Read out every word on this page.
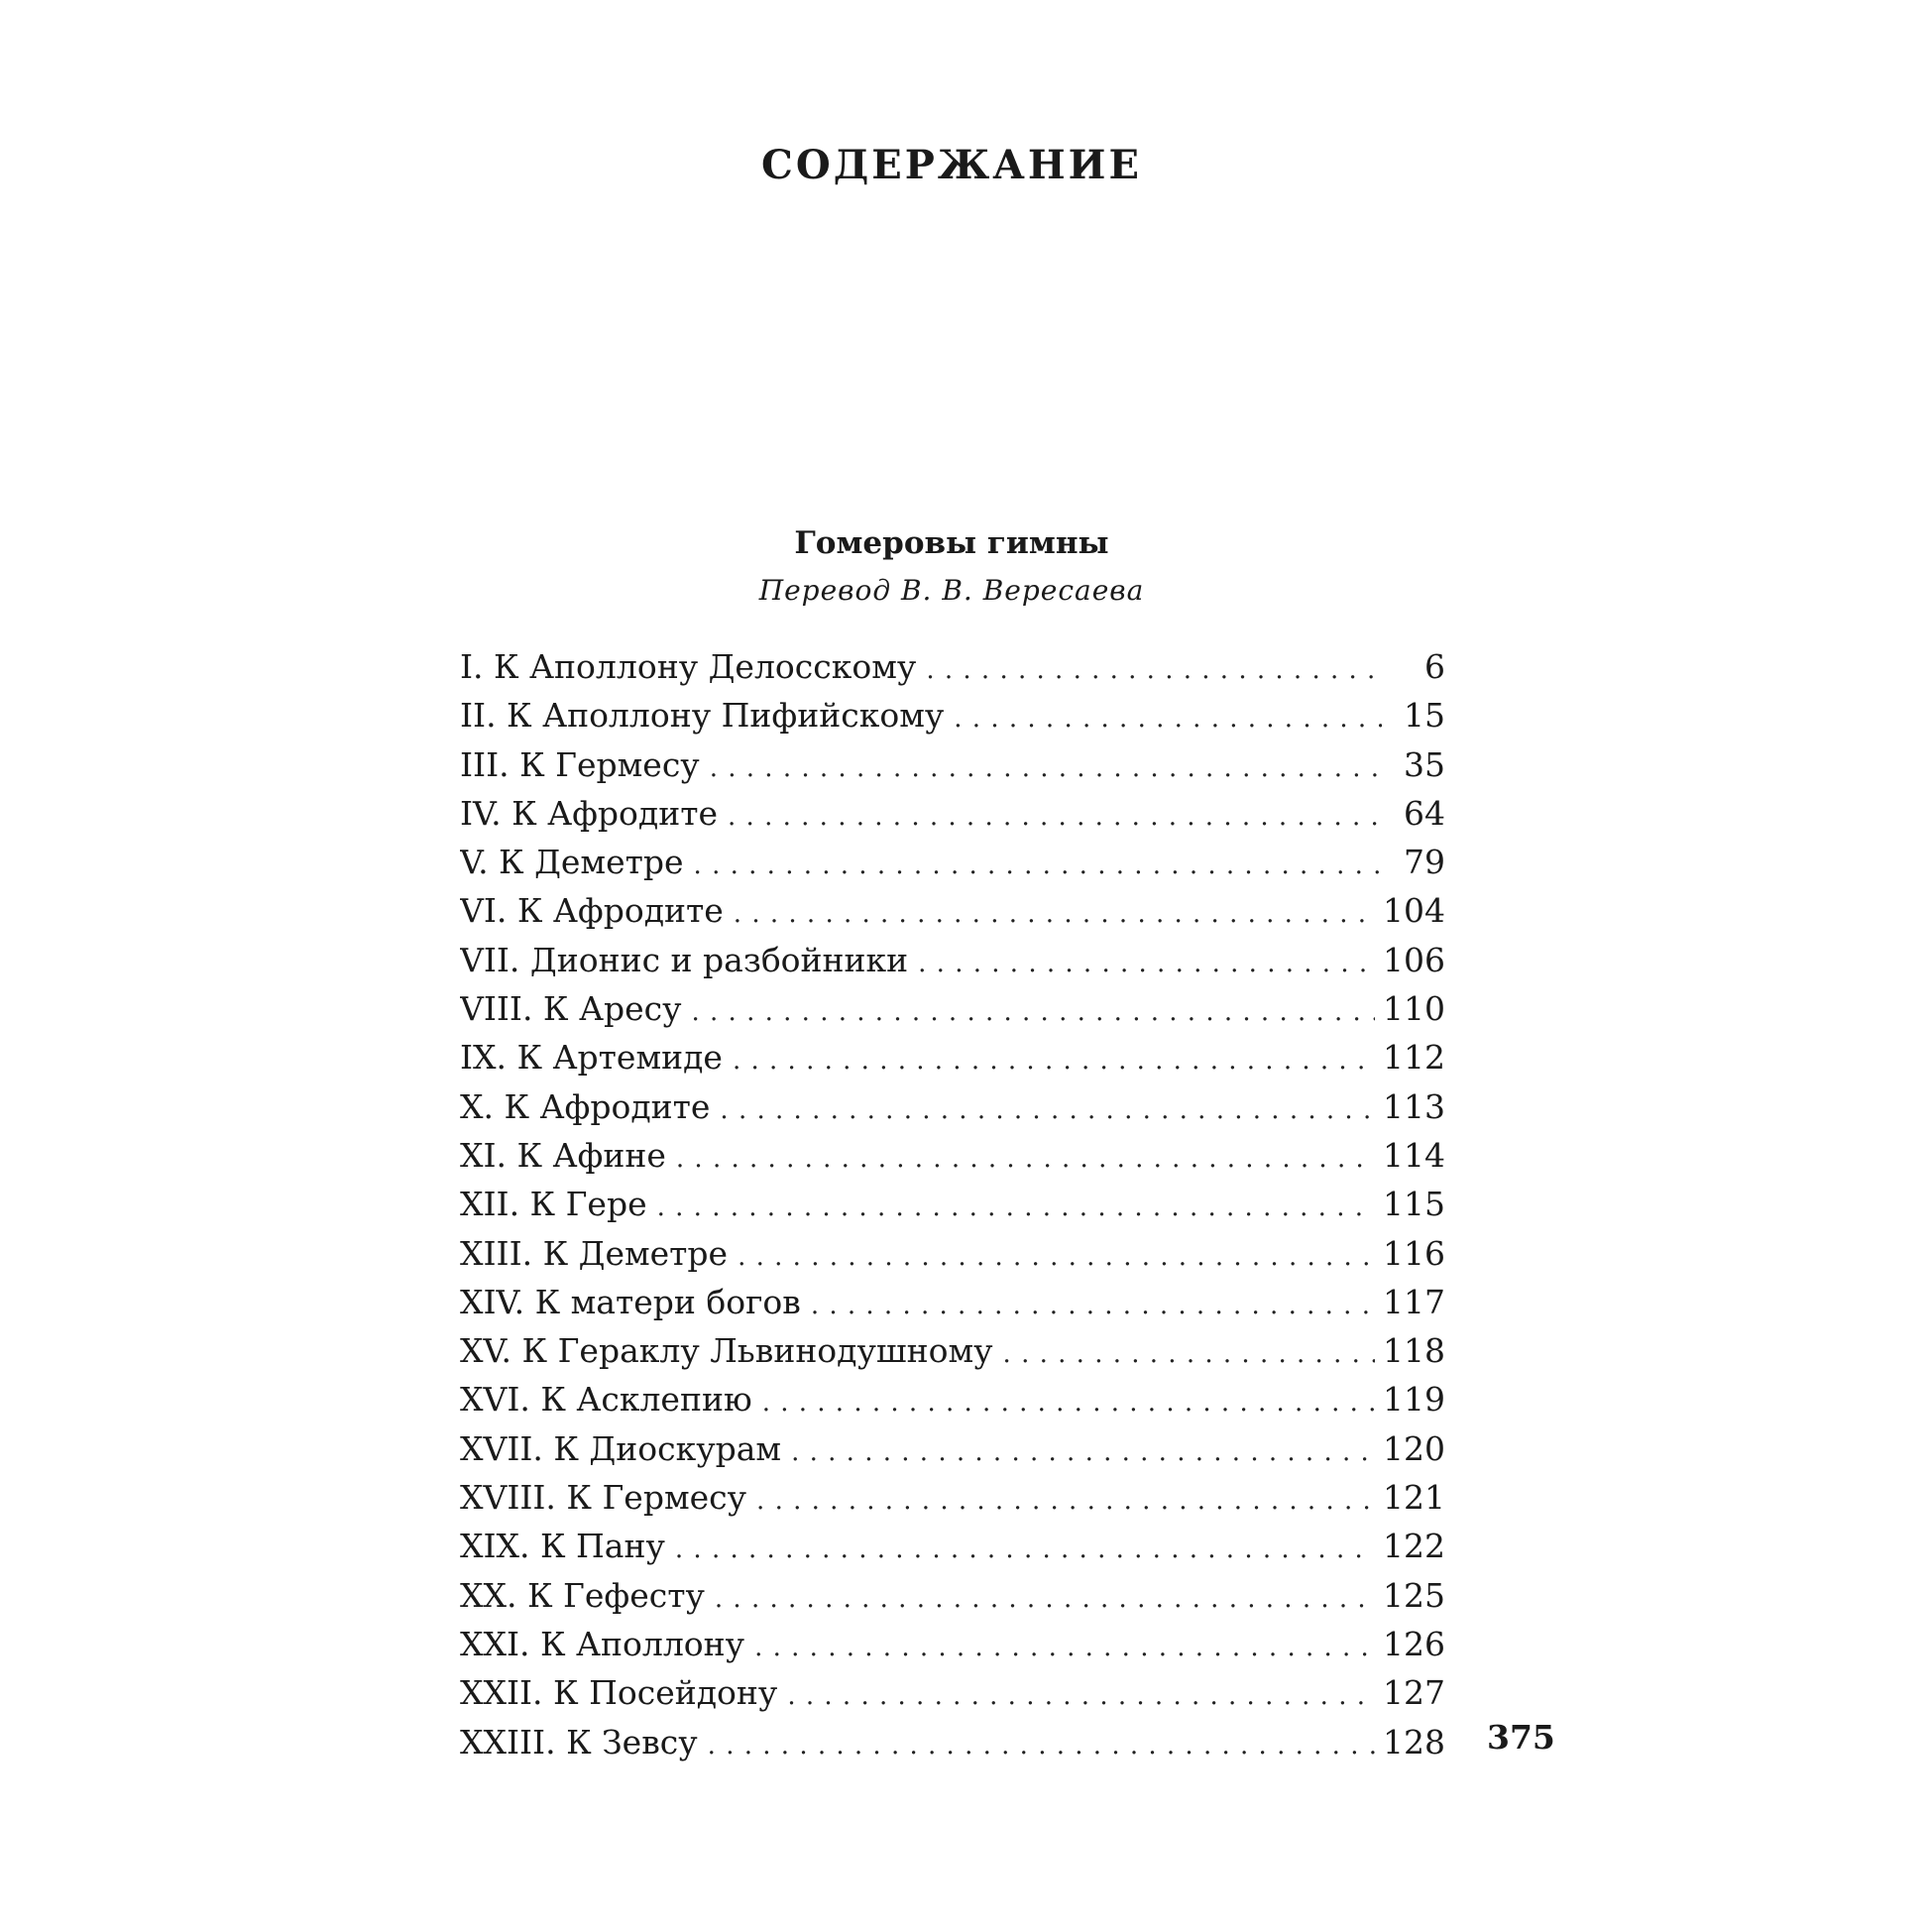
СОДЕРЖАНИЕ
Гомеровы гимны
Перевод В. В. Вересаева
I. К Аполлону Делосскому . . .	6
II. К Аполлону Пифийскому . . .	15
III. К Гермесу . . .	35
IV. К Афродите . . .	64
V. К Деметре . . .	79
VI. К Афродите . . .	104
VII. Дионис и разбойники . . .	106
VIII. К Аресу . . .	110
IX. К Артемиде . . .	112
X. К Афродите . . .	113
XI. К Афине . . .	114
XII. К Гере . . .	115
XIII. К Деметре . . .	116
XIV. К матери богов . . .	117
XV. К Гераклу Львинодушному . . .	118
XVI. К Асклепию . . .	119
XVII. К Диоскурам . . .	120
XVIII. К Гермесу . . .	121
XIX. К Пану . . .	122
XX. К Гефесту . . .	125
XXI. К Аполлону . . .	126
XXII. К Посейдону . . .	127
XXIII. К Зевсу . . .	128 375
